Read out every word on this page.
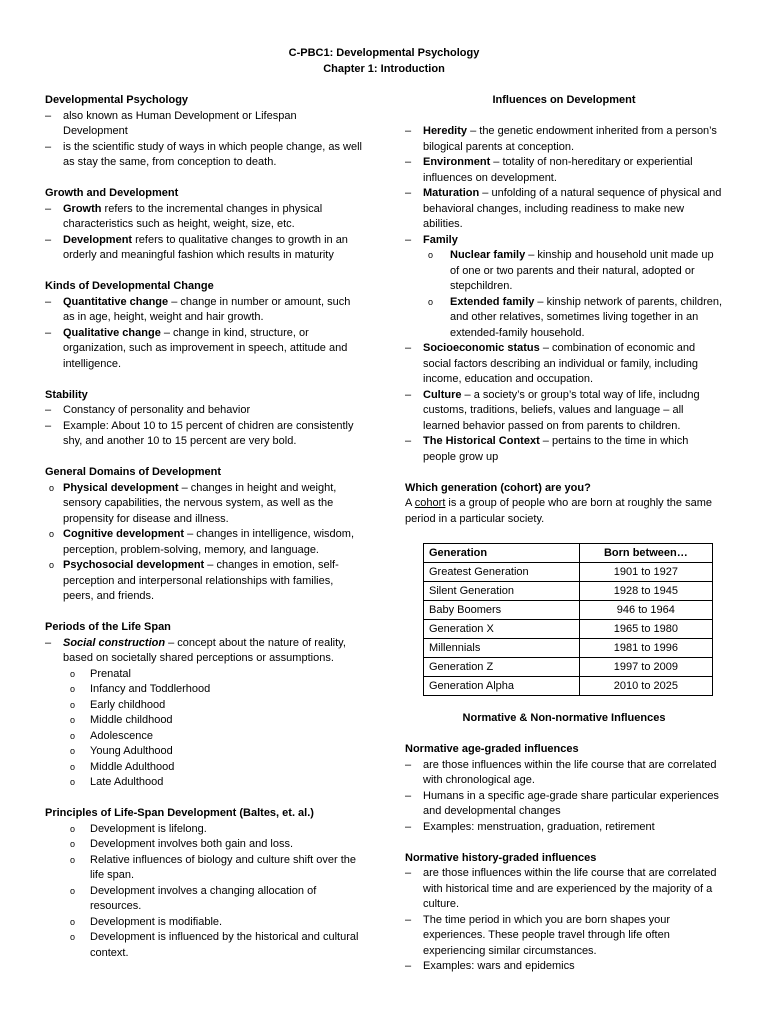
C-PBC1: Developmental Psychology
Chapter 1: Introduction
Developmental Psychology
– also known as Human Development or Lifespan Development
– is the scientific study of ways in which people change, as well as stay the same, from conception to death.
Growth and Development
– Growth refers to the incremental changes in physical characteristics such as height, weight, size, etc.
– Development refers to qualitative changes to growth in an orderly and meaningful fashion which results in maturity
Kinds of Developmental Change
– Quantitative change – change in number or amount, such as in age, height, weight and hair growth.
– Qualitative change – change in kind, structure, or organization, such as improvement in speech, attitude and intelligence.
Stability
– Constancy of personality and behavior
– Example: About 10 to 15 percent of chidren are consistently shy, and another 10 to 15 percent are very bold.
General Domains of Development
o Physical development – changes in height and weight, sensory capabilities, the nervous system, as well as the propensity for disease and illness.
o Cognitive development – changes in intelligence, wisdom, perception, problem-solving, memory, and language.
o Psychosocial development – changes in emotion, self-perception and interpersonal relationships with families, peers, and friends.
Periods of the Life Span
– Social construction – concept about the nature of reality, based on societally shared perceptions or assumptions.
o Prenatal
o Infancy and Toddlerhood
o Early childhood
o Middle childhood
o Adolescence
o Young Adulthood
o Middle Adulthood
o Late Adulthood
Principles of Life-Span Development (Baltes, et. al.)
o Development is lifelong.
o Development involves both gain and loss.
o Relative influences of biology and culture shift over the life span.
o Development involves a changing allocation of resources.
o Development is modifiable.
o Development is influenced by the historical and cultural context.
Influences on Development
– Heredity – the genetic endowment inherited from a person’s bilogical parents at conception.
– Environment – totality of non-hereditary or experiential influences on development.
– Maturation – unfolding of a natural sequence of physical and behavioral changes, including readiness to make new abilities.
– Family
o Nuclear family – kinship and household unit made up of one or two parents and their natural, adopted or stepchildren.
o Extended family – kinship network of parents, children, and other relatives, sometimes living together in an extended-family household.
– Socioeconomic status – combination of economic and social factors describing an individual or family, including income, education and occupation.
– Culture – a society’s or group’s total way of life, includng customs, traditions, beliefs, values and language – all learned behavior passed on from parents to children.
– The Historical Context – pertains to the time in which people grow up
Which generation (cohort) are you?
A cohort is a group of people who are born at roughly the same period in a particular society.
Generation	Born between…
Greatest Generation	1901 to 1927
Silent Generation	1928 to 1945
Baby Boomers	946 to 1964
Generation X	1965 to 1980
Millennials	1981 to 1996
Generation Z	1997 to 2009
Generation Alpha	2010 to 2025
Normative & Non-normative Influences
Normative age-graded influences
– are those influences within the life course that are correlated with chronological age.
– Humans in a specific age-grade share particular experiences and developmental changes
– Examples: menstruation, graduation, retirement
Normative history-graded influences
– are those influences within the life course that are correlated with historical time and are experienced by the majority of a culture.
– The time period in which you are born shapes your experiences. These people travel through life often experiencing similar circumstances.
– Examples: wars and epidemics
